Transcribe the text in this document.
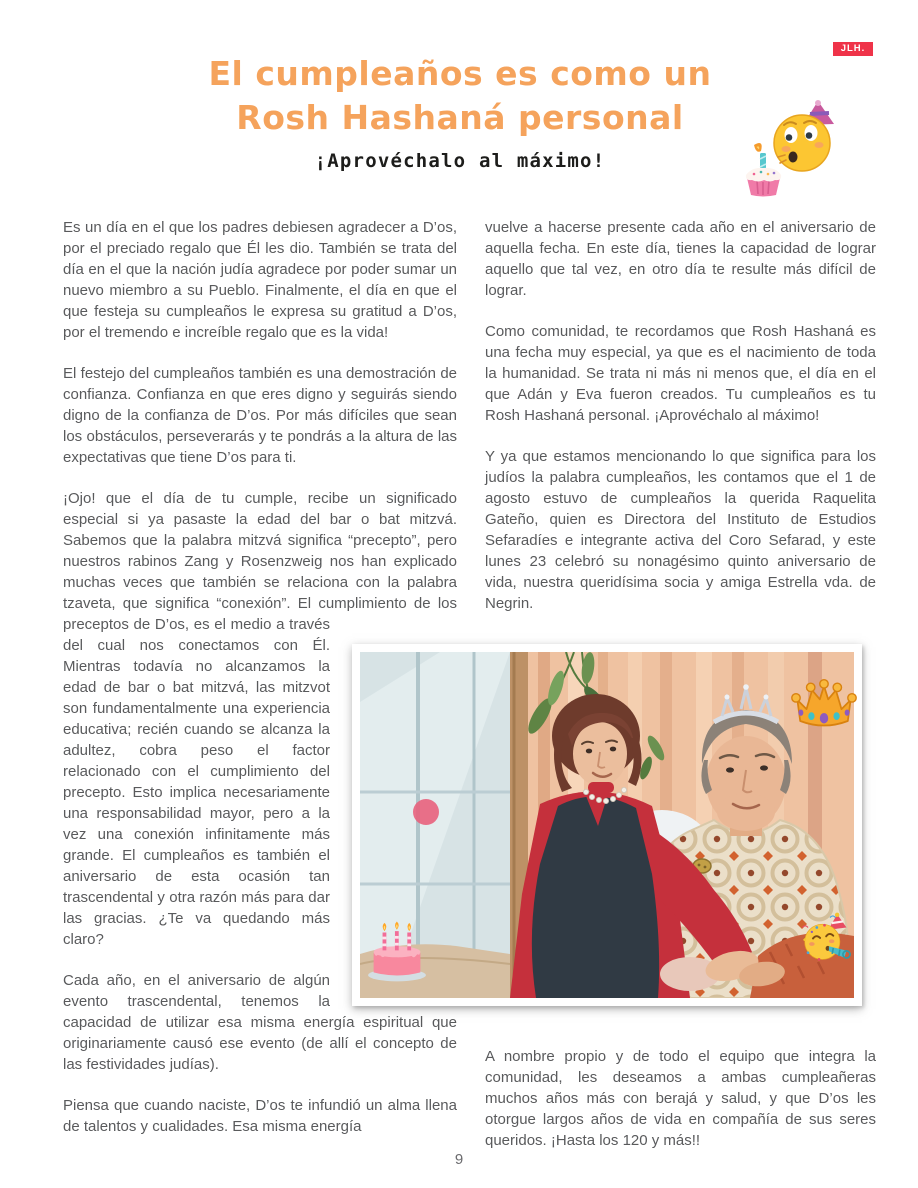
JLH.
El cumpleaños es como un
Rosh Hashaná personal
¡Aprovéchalo al máximo!

Es un día en el que los padres debiesen agradecer a D’os, por el preciado regalo que Él les dio. También se trata del día en el que la nación judía agradece por poder sumar un nuevo miembro a su Pueblo. Finalmente, el día en que el que festeja su cumpleaños le expresa su gratitud a D’os, por el tremendo e increíble regalo que es la vida!

El festejo del cumpleaños también es una demostración de confianza. Confianza en que eres digno y seguirás siendo digno de la confianza de D’os. Por más difíciles que sean los obstáculos, perseverarás y te pondrás a la altura de las expectativas que tiene D’os para ti.

¡Ojo! que el día de tu cumple, recibe un significado especial si ya pasaste la edad del bar o bat mitzvá. Sabemos que la palabra mitzvá significa “precepto”, pero nuestros rabinos Zang y Rosenzweig nos han explicado muchas veces que también se relaciona con la palabra tzaveta, que significa “conexión”. El cumplimiento de
los preceptos de D’os, es el medio a través del cual nos conectamos con Él. Mientras todavía no alcanzamos la edad de bar o bat mitzvá, las mitzvot son fundamentalmente una experiencia educativa; recién cuando se alcanza la adultez, cobra peso el factor relacionado con el cumplimiento del precepto. Esto implica necesariamente una responsabilidad mayor, pero a la vez una conexión infinitamente más grande. El cumpleaños es también el aniversario de esta ocasión tan trascendental y otra razón más para dar las gracias. ¿Te va quedando más claro?

Cada año, en el aniversario de algún evento trascendental, tenemos la capacidad de utilizar esa misma energía espiritual que originariamente causó ese evento (de allí el concepto de las festividades judías).

Piensa que cuando naciste, D’os te infundió un alma llena de talentos y cualidades. Esa misma energía

vuelve a hacerse presente cada año en el aniversario de aquella fecha. En este día, tienes la capacidad de lograr aquello que tal vez, en otro día te resulte más difícil de lograr.

Como comunidad, te recordamos que Rosh Hashaná es una fecha muy especial, ya que es el nacimiento de toda la humanidad. Se trata ni más ni menos que, el día en el que Adán y Eva fueron creados. Tu cumpleaños es tu Rosh Hashaná personal. ¡Aprovéchalo al máximo!

Y ya que estamos mencionando lo que significa para los judíos la palabra cumpleaños, les contamos que el 1 de agosto estuvo de cumpleaños la querida Raquelita Gateño, quien es Directora del Instituto de Estudios Sefaradíes e integrante activa del Coro Sefarad, y este lunes 23 celebró su nonagésimo quinto aniversario de vida, nuestra queridísima socia y amiga Estrella vda. de Negrin.

A nombre propio y de todo el equipo que integra la comunidad, les deseamos a ambas cumpleañeras muchos años más con berajá y salud, y que D’os les otorgue largos años de vida en compañía de sus seres queridos. ¡Hasta los 120 y más!!

9
